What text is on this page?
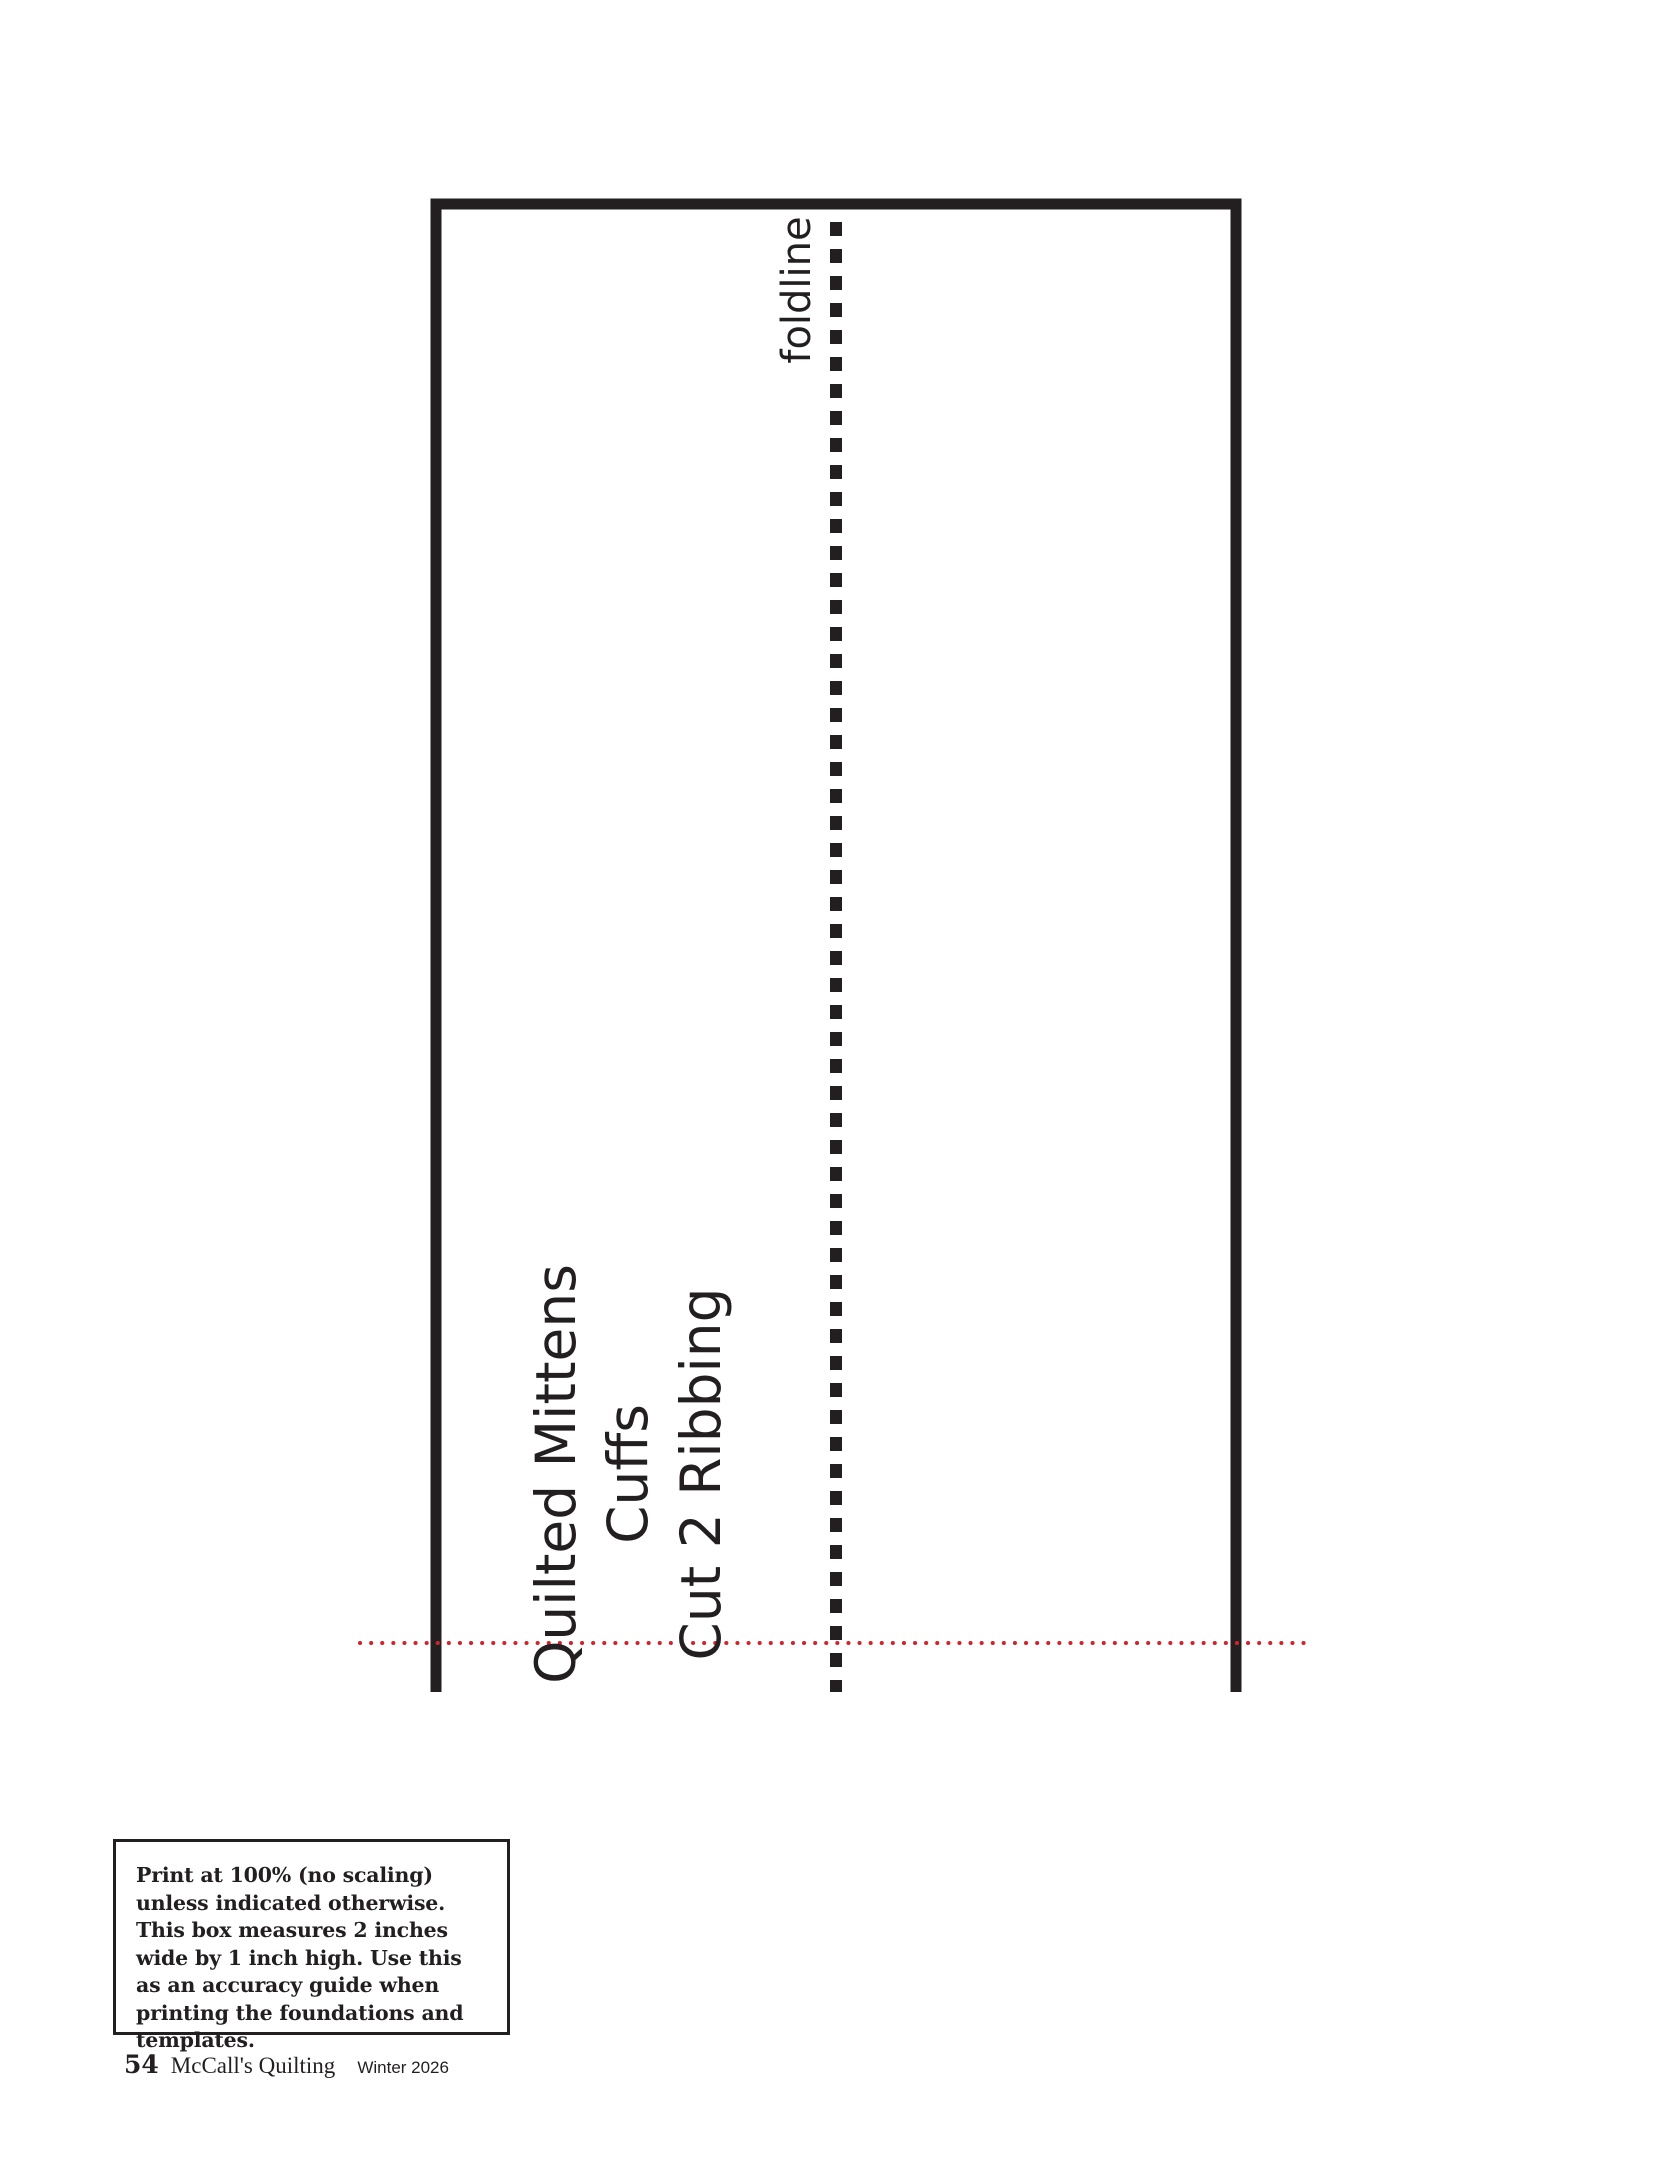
foldline
Quilted Mittens Cuffs Cut 2 Ribbing
Print at 100% (no scaling) unless indicated otherwise. This box measures 2 inches wide by 1 inch high. Use this as an accuracy guide when printing the foundations and templates.
54 McCall's Quilting Winter 2026
